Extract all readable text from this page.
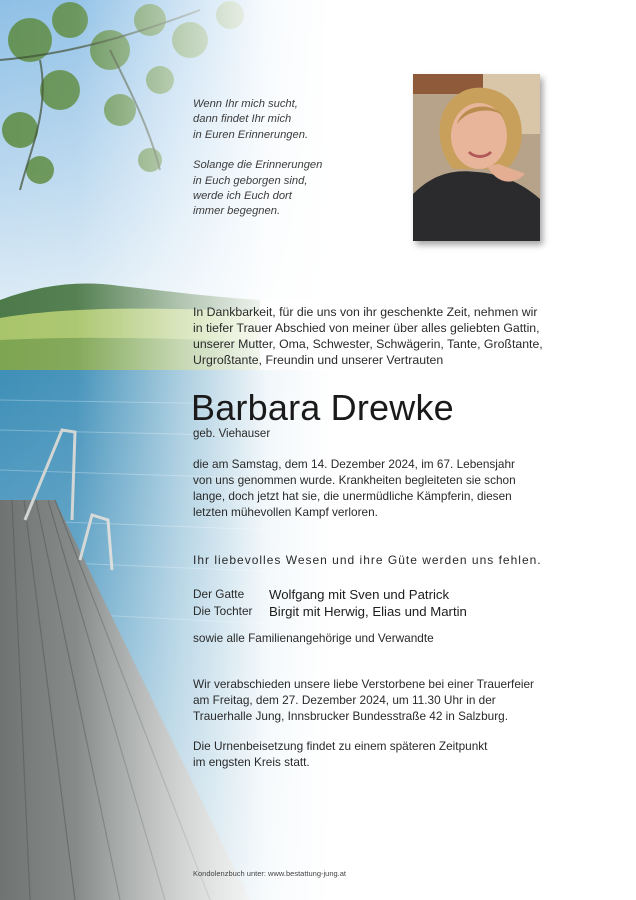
Wenn Ihr mich sucht,
dann findet Ihr mich
in Euren Erinnerungen.
Solange die Erinnerungen
in Euch geborgen sind,
werde ich Euch dort
immer begegnen.
In Dankbarkeit, für die uns von ihr geschenkte Zeit, nehmen wir
in tiefer Trauer Abschied von meiner über alles geliebten Gattin,
unserer Mutter, Oma, Schwester, Schwägerin, Tante, Großtante,
Urgroßtante, Freundin und unserer Vertrauten
Barbara Drewke
geb. Viehauser
die am Samstag, dem 14. Dezember 2024, im 67. Lebensjahr
von uns genommen wurde. Krankheiten begleiteten sie schon
lange, doch jetzt hat sie, die unermüdliche Kämpferin, diesen
letzten mühevollen Kampf verloren.
Ihr liebevolles Wesen und ihre Güte werden uns fehlen.
Der Gatte	Wolfgang mit Sven und Patrick
Die Tochter	Birgit mit Herwig, Elias und Martin
sowie alle Familienangehörige und Verwandte
Wir verabschieden unsere liebe Verstorbene bei einer Trauerfeier
am Freitag, dem 27. Dezember 2024, um 11.30 Uhr in der
Trauerhalle Jung, Innsbrucker Bundesstraße 42 in Salzburg.
Die Urnenbeisetzung findet zu einem späteren Zeitpunkt
im engsten Kreis statt.
Kondolenzbuch unter: www.bestattung-jung.at
